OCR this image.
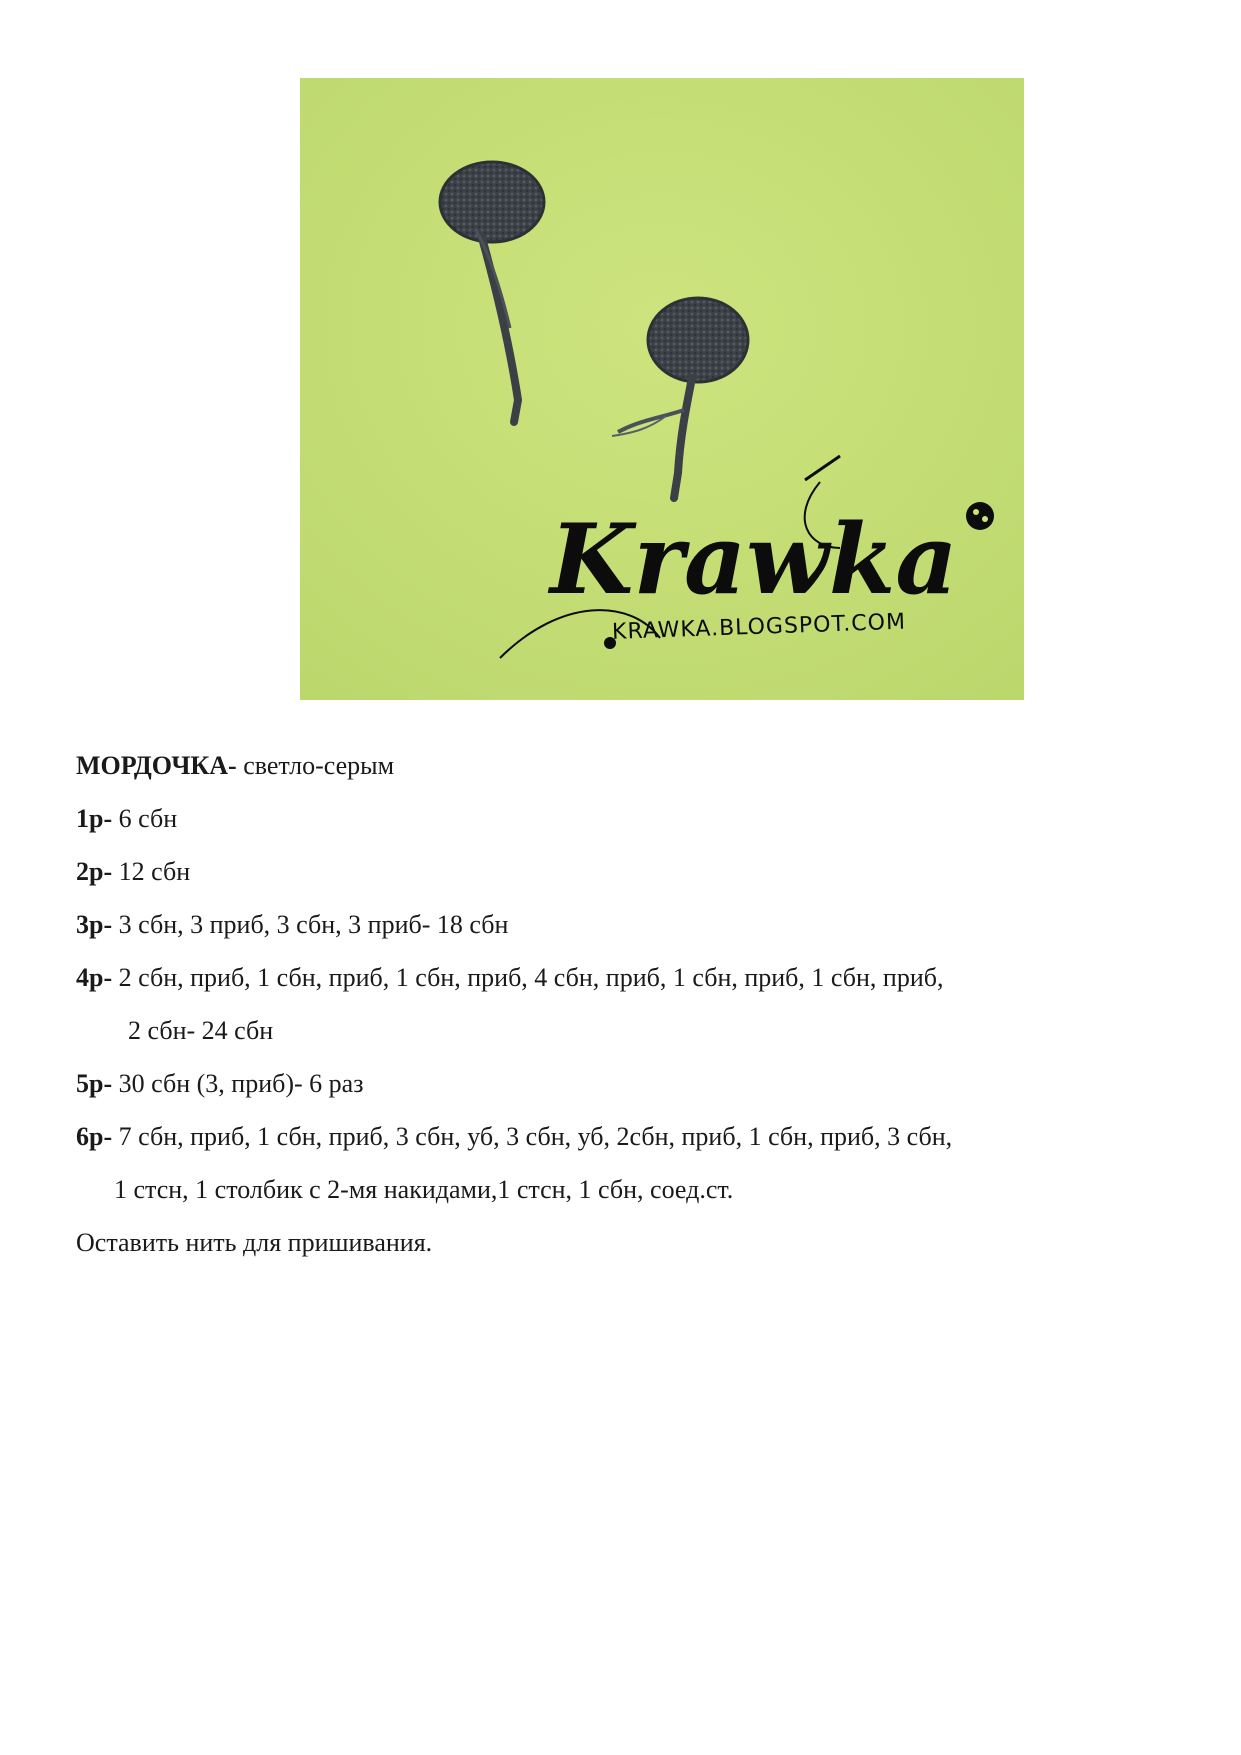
Krawka
KRAWKA.BLOGSPOT.COM
МОРДОЧКА- светло-серым
1р- 6 сбн
2р- 12 сбн
3р- 3 сбн, 3 приб, 3 сбн, 3 приб- 18 сбн
4р- 2 сбн, приб, 1 сбн, приб, 1 сбн, приб, 4 сбн, приб, 1 сбн, приб, 1 сбн, приб,
2 сбн- 24 сбн
5р- 30 сбн (3, приб)- 6 раз
6р- 7 сбн, приб, 1 сбн, приб, 3 сбн, уб, 3 сбн, уб, 2сбн, приб, 1 сбн, приб, 3 сбн,
1 стсн, 1 столбик с 2-мя накидами,1 стсн, 1 сбн, соед.ст.
Оставить нить для пришивания.
